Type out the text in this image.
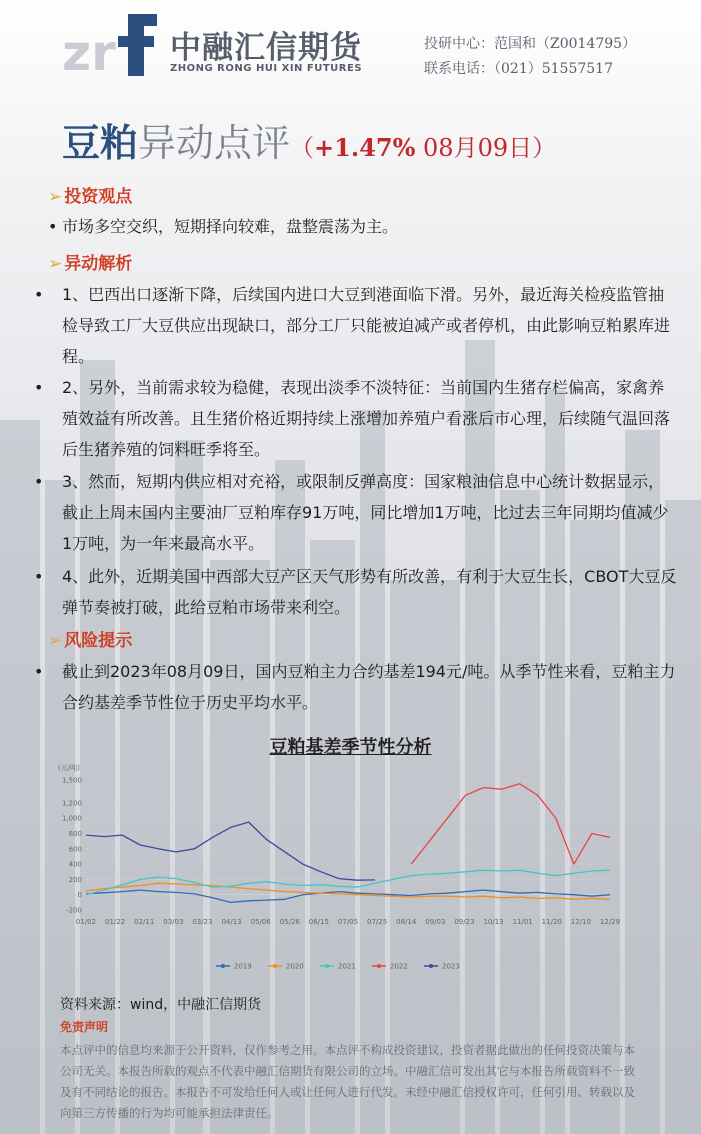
zr 中融汇信期货
ZHONG RONG HUI XIN FUTURES
投研中心：范国和（Z0014795）
联系电话：（021）51557517
豆粕异动点评（+1.47% 08月09日）
➢ 投资观点
• 市场多空交织，短期择向较难，盘整震荡为主。
➢ 异动解析
• 1、巴西出口逐渐下降，后续国内进口大豆到港面临下滑。另外，最近海关检疫监管抽检导致工厂大豆供应出现缺口，部分工厂只能被迫减产或者停机，由此影响豆粕累库进程。
• 2、另外，当前需求较为稳健，表现出淡季不淡特征：当前国内生猪存栏偏高，家禽养殖效益有所改善。且生猪价格近期持续上涨增加养殖户看涨后市心理，后续随气温回落后生猪养殖的饲料旺季将至。
• 3、然而，短期内供应相对充裕，或限制反弹高度：国家粮油信息中心统计数据显示，截止上周末国内主要油厂豆粕库存91万吨，同比增加1万吨，比过去三年同期均值减少1万吨，为一年来最高水平。
• 4、此外，近期美国中西部大豆产区天气形势有所改善，有利于大豆生长，CBOT大豆反弹节奏被打破，此给豆粕市场带来利空。
➢ 风险提示
• 截止到2023年08月09日，国内豆粕主力合约基差194元/吨。从季节性来看，豆粕主力合约基差季节性位于历史平均水平。
豆粕基差季节性分析
(元/吨)
-200
0
200
400
600
800
1,000
1,200
1,500
01/02 01/22 02/11 03/03 03/23 04/13 05/06 05/26 06/15 07/05 07/25 08/14 09/03 09/23 10/13 11/01 11/20 12/10 12/29
2019	2020	2021	2022	2023
资料来源：wind，中融汇信期货
免责声明
本点评中的信息均来源于公开资料，仅作参考之用。本点评不构成投资建议，投资者据此做出的任何投资决策与本公司无关。本报告所载的观点不代表中融汇信期货有限公司的立场。中融汇信可发出其它与本报告所载资料不一致及有不同结论的报告。本报告不可发给任何人或让任何人进行代发。未经中融汇信授权许可，任何引用、转载以及向第三方传播的行为均可能承担法律责任。
